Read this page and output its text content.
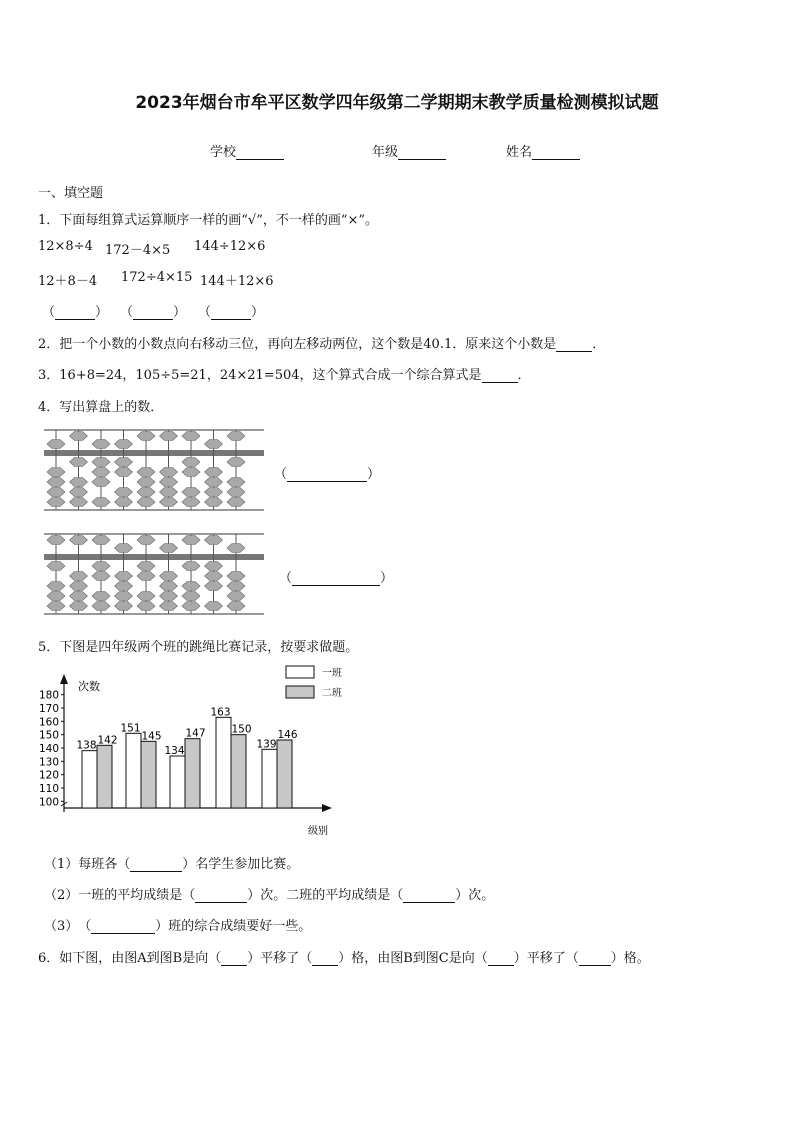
2023年烟台市牟平区数学四年级第二学期期末教学质量检测模拟试题
学校	年级	姓名
一、填空题
1．下面每组算式运算顺序一样的画“√”，不一样的画“×”。
12×8÷4 172－4×5 144÷12×6
12＋8－4 172÷4×15 144＋12×6
（	） （	） （	）
2．把一个小数的小数点向右移动三位，再向左移动两位，这个数是40.1．原来这个小数是	．
3．16+8=24，105÷5=21，24×21=504，这个算式合成一个综合算式是	．
4．写出算盘上的数．
（	）
（	）
5．下图是四年级两个班的跳绳比赛记录，按要求做题。
次数
级别
100
110
120
130
140
150
160
170
180
138
151
134
163
139
142 145 147 150 146
一班
二班
（1）每班各（	）名学生参加比赛。
（2）一班的平均成绩是（	）次。二班的平均成绩是（	）次。
（3）　（	）班的综合成绩要好一些。
6．如下图，由图A到图B是向（ ）平移了（ ）格，由图B到图C是向（ ）平移了（ ）格。
